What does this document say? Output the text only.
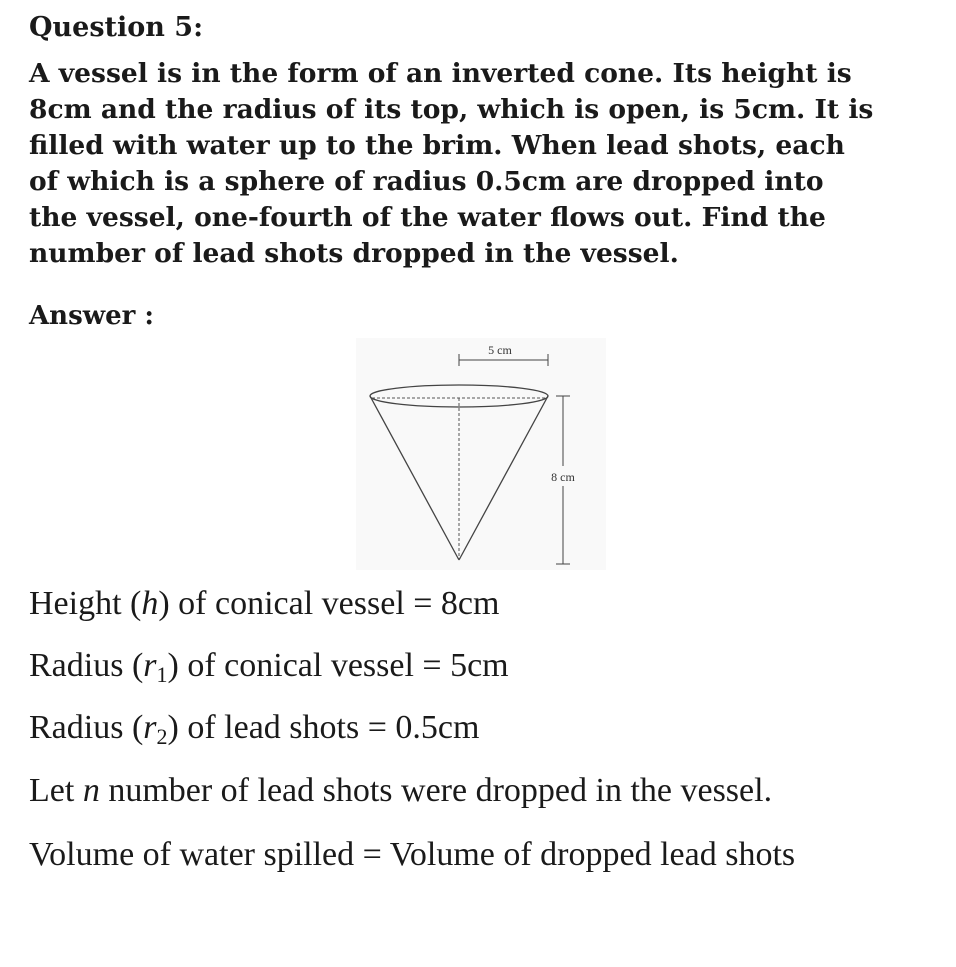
Question 5:

A vessel is in the form of an inverted cone. Its height is
8cm and the radius of its top, which is open, is 5cm. It is
filled with water up to the brim. When lead shots, each
of which is a sphere of radius 0.5cm are dropped into
the vessel, one-fourth of the water flows out. Find the
number of lead shots dropped in the vessel.

Answer :
5 cm
8 cm

Height (h) of conical vessel = 8cm

Radius $(r_1)$ of conical vessel = 5cm

Radius $(r_2)$ of lead shots = 0.5cm

Let n number of lead shots were dropped in the vessel.

Volume of water spilled = Volume of dropped lead shots
